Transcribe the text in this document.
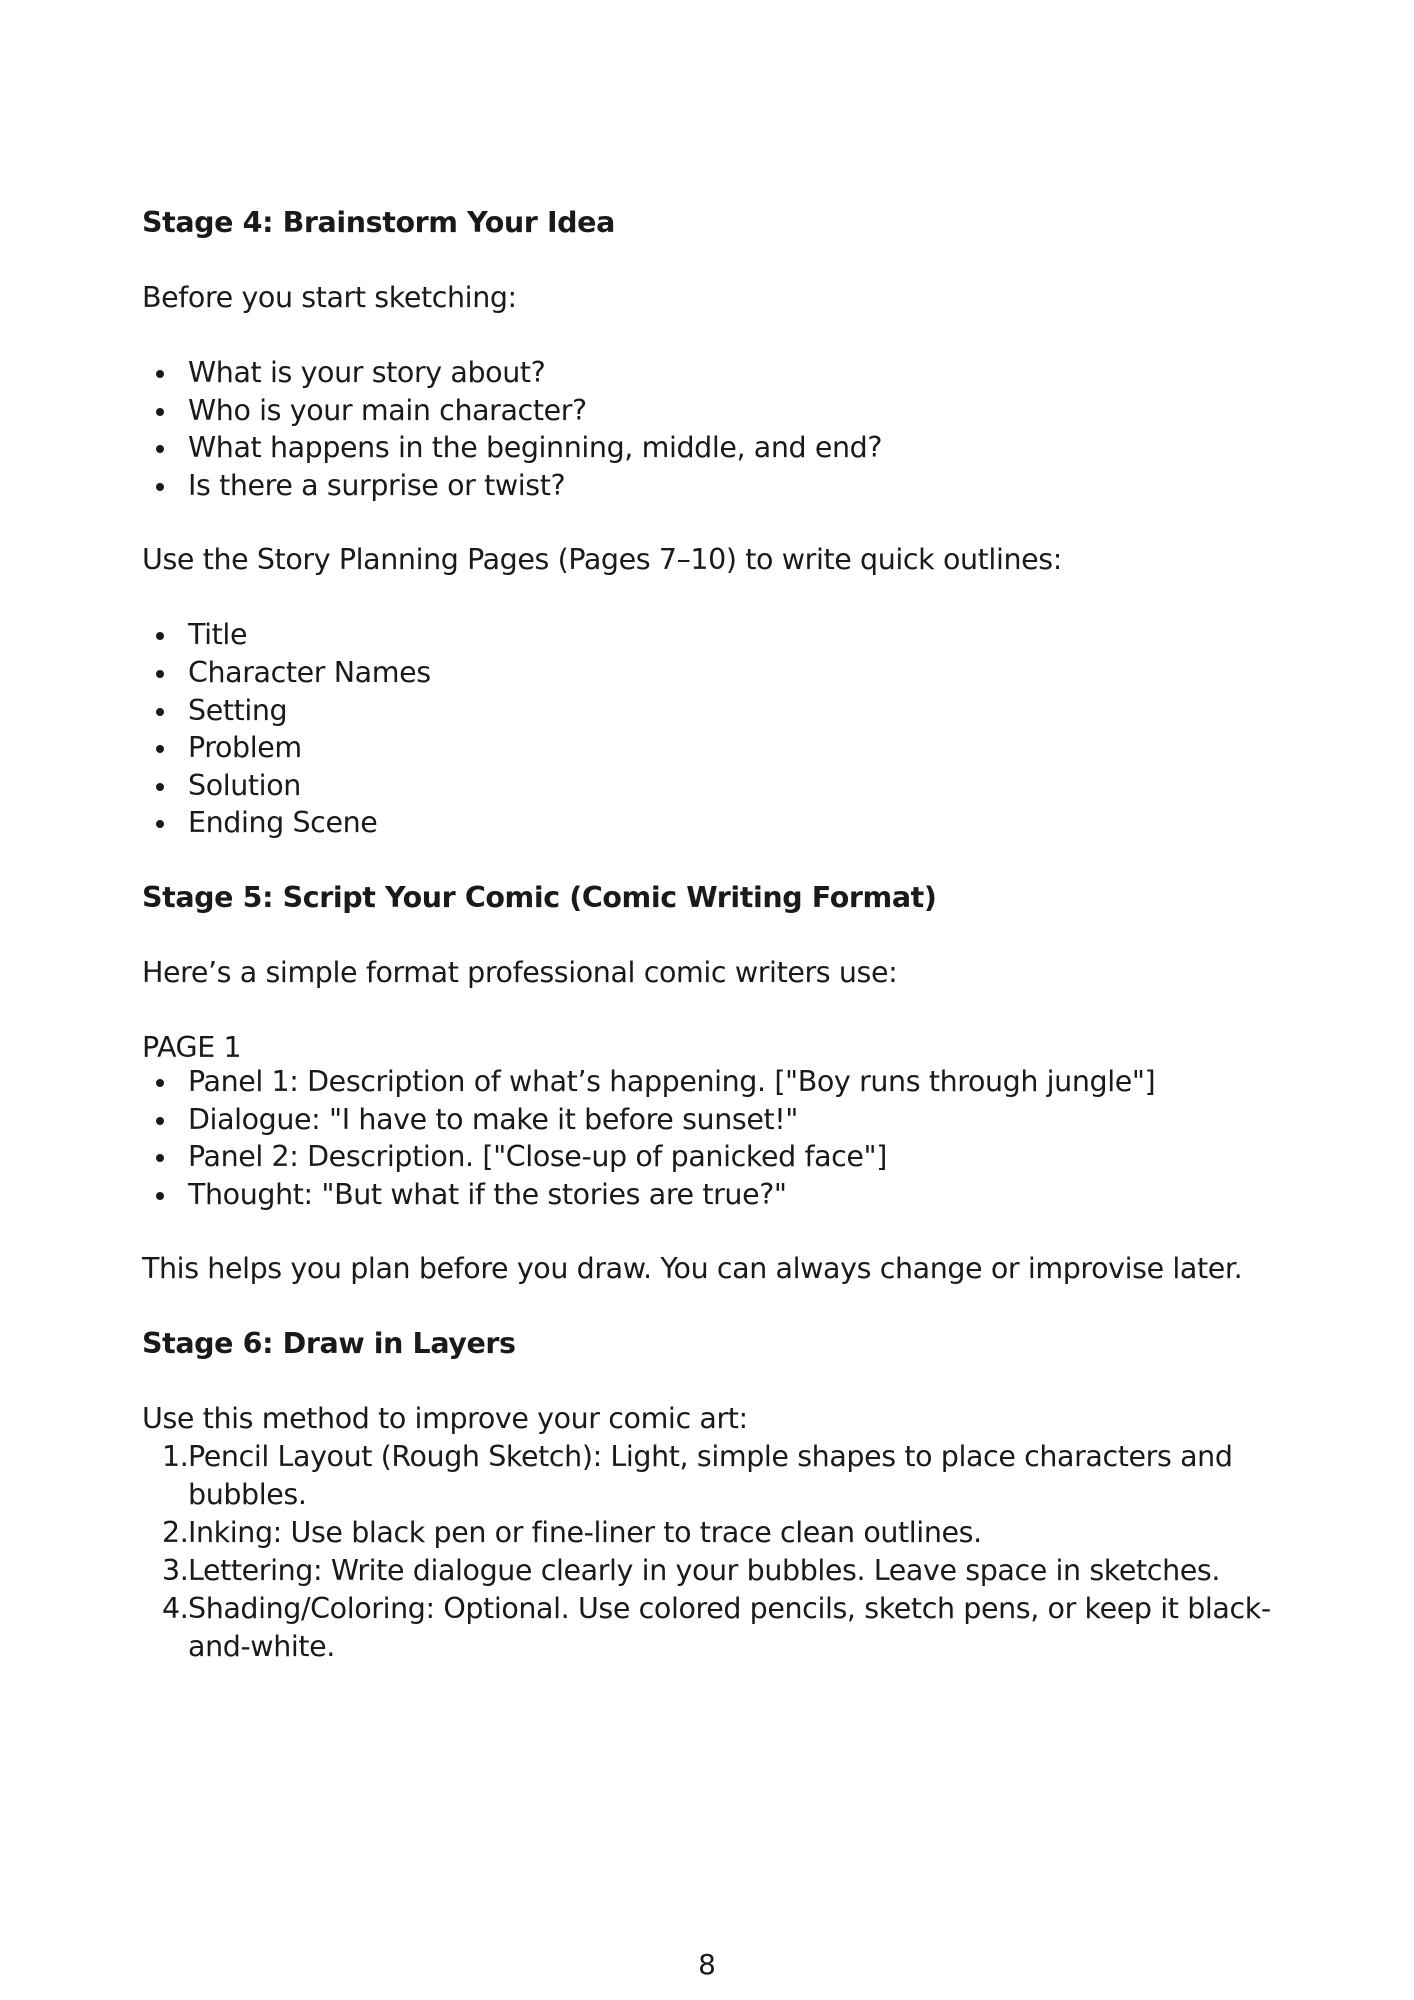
Stage 4: Brainstorm Your Idea

Before you start sketching:

What is your story about?
Who is your main character?
What happens in the beginning, middle, and end?
Is there a surprise or twist?

Use the Story Planning Pages (Pages 7–10) to write quick outlines:

Title
Character Names
Setting
Problem
Solution
Ending Scene

Stage 5: Script Your Comic (Comic Writing Format)

Here’s a simple format professional comic writers use:

PAGE 1

Panel 1: Description of what’s happening. ["Boy runs through jungle"]
Dialogue: "I have to make it before sunset!"
Panel 2: Description. ["Close-up of panicked face"]
Thought: "But what if the stories are true?"

This helps you plan before you draw. You can always change or improvise later.

Stage 6: Draw in Layers

Use this method to improve your comic art:

1. Pencil Layout (Rough Sketch): Light, simple shapes to place characters and bubbles.
2. Inking: Use black pen or fine-liner to trace clean outlines.
3. Lettering: Write dialogue clearly in your bubbles. Leave space in sketches.
4. Shading/Coloring: Optional. Use colored pencils, sketch pens, or keep it black-and-white.
8
